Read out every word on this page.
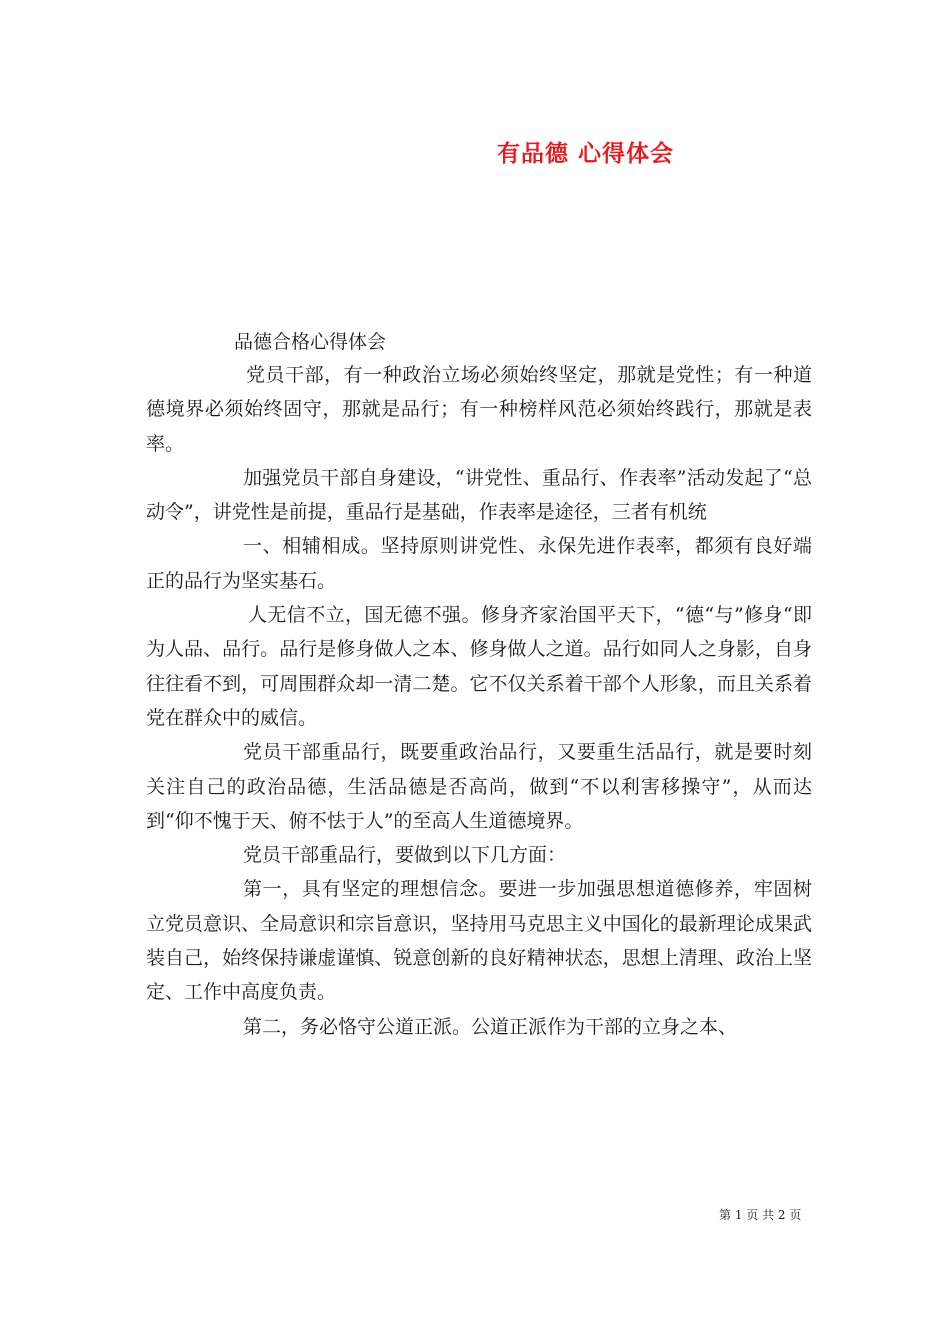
有品德 心得体会
品德合格心得体会

党员干部，有一种政治立场必须始终坚定，那就是党性；有一种道德境界必须始终固守，那就是品行；有一种榜样风范必须始终践行，那就是表率。

加强党员干部自身建设，“讲党性、重品行、作表率”活动发起了“总动令”，讲党性是前提，重品行是基础，作表率是途径，三者有机统

一、相辅相成。坚持原则讲党性、永保先进作表率，都须有良好端正的品行为坚实基石。

人无信不立，国无德不强。修身齐家治国平天下，“德“与”修身“即为人品、品行。品行是修身做人之本、修身做人之道。品行如同人之身影，自身往往看不到，可周围群众却一清二楚。它不仅关系着干部个人形象，而且关系着党在群众中的威信。

党员干部重品行，既要重政治品行，又要重生活品行，就是要时刻关注自己的政治品德，生活品德是否高尚，做到“不以利害移操守”，从而达到“仰不愧于天、俯不怯于人”的至高人生道德境界。

党员干部重品行，要做到以下几方面：

第一，具有坚定的理想信念。要进一步加强思想道德修养，牢固树立党员意识、全局意识和宗旨意识，坚持用马克思主义中国化的最新理论成果武装自己，始终保持谦虚谨慎、锐意创新的良好精神状态，思想上清理、政治上坚定、工作中高度负责。

第二，务必恪守公道正派。公道正派作为干部的立身之本、

第 1 页 共 2 页
